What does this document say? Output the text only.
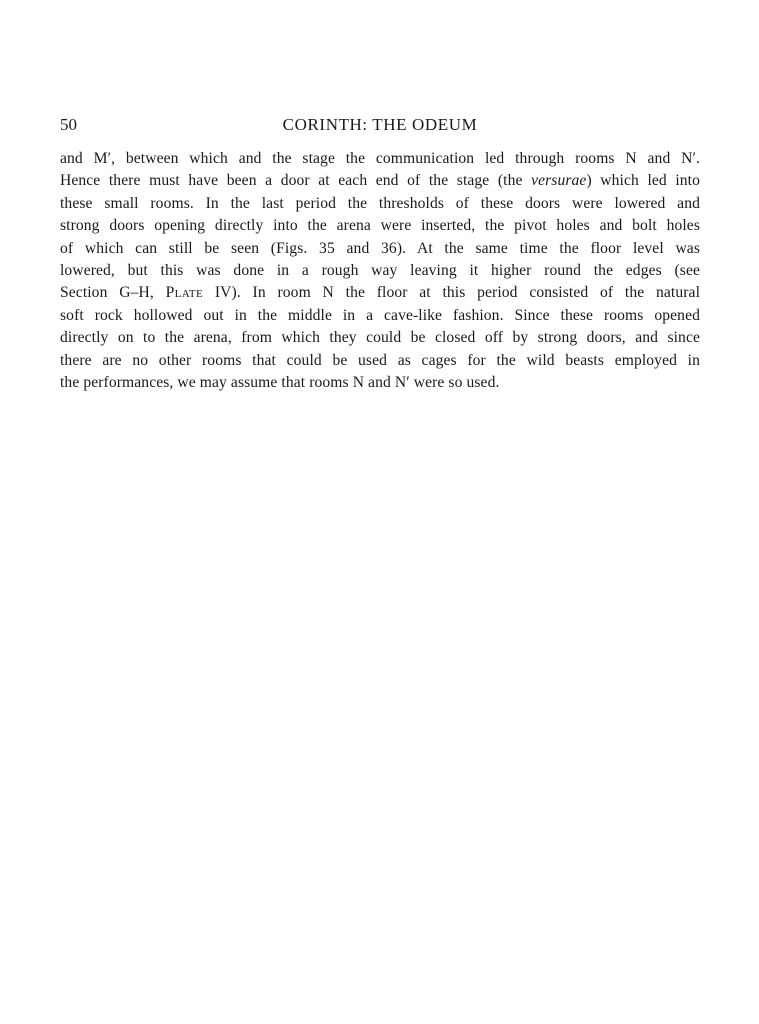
50	CORINTH: THE ODEUM
and M′, between which and the stage the communication led through rooms N and N′.
Hence there must have been a door at each end of the stage (the versurae) which led into
these small rooms. In the last period the thresholds of these doors were lowered and
strong doors opening directly into the arena were inserted, the pivot holes and bolt holes
of which can still be seen (Figs. 35 and 36). At the same time the floor level was
lowered, but this was done in a rough way leaving it higher round the edges (see
Section G–H, Plate IV). In room N the floor at this period consisted of the natural
soft rock hollowed out in the middle in a cave-like fashion. Since these rooms opened
directly on to the arena, from which they could be closed off by strong doors, and since
there are no other rooms that could be used as cages for the wild beasts employed in
the performances, we may assume that rooms N and N′ were so used.
